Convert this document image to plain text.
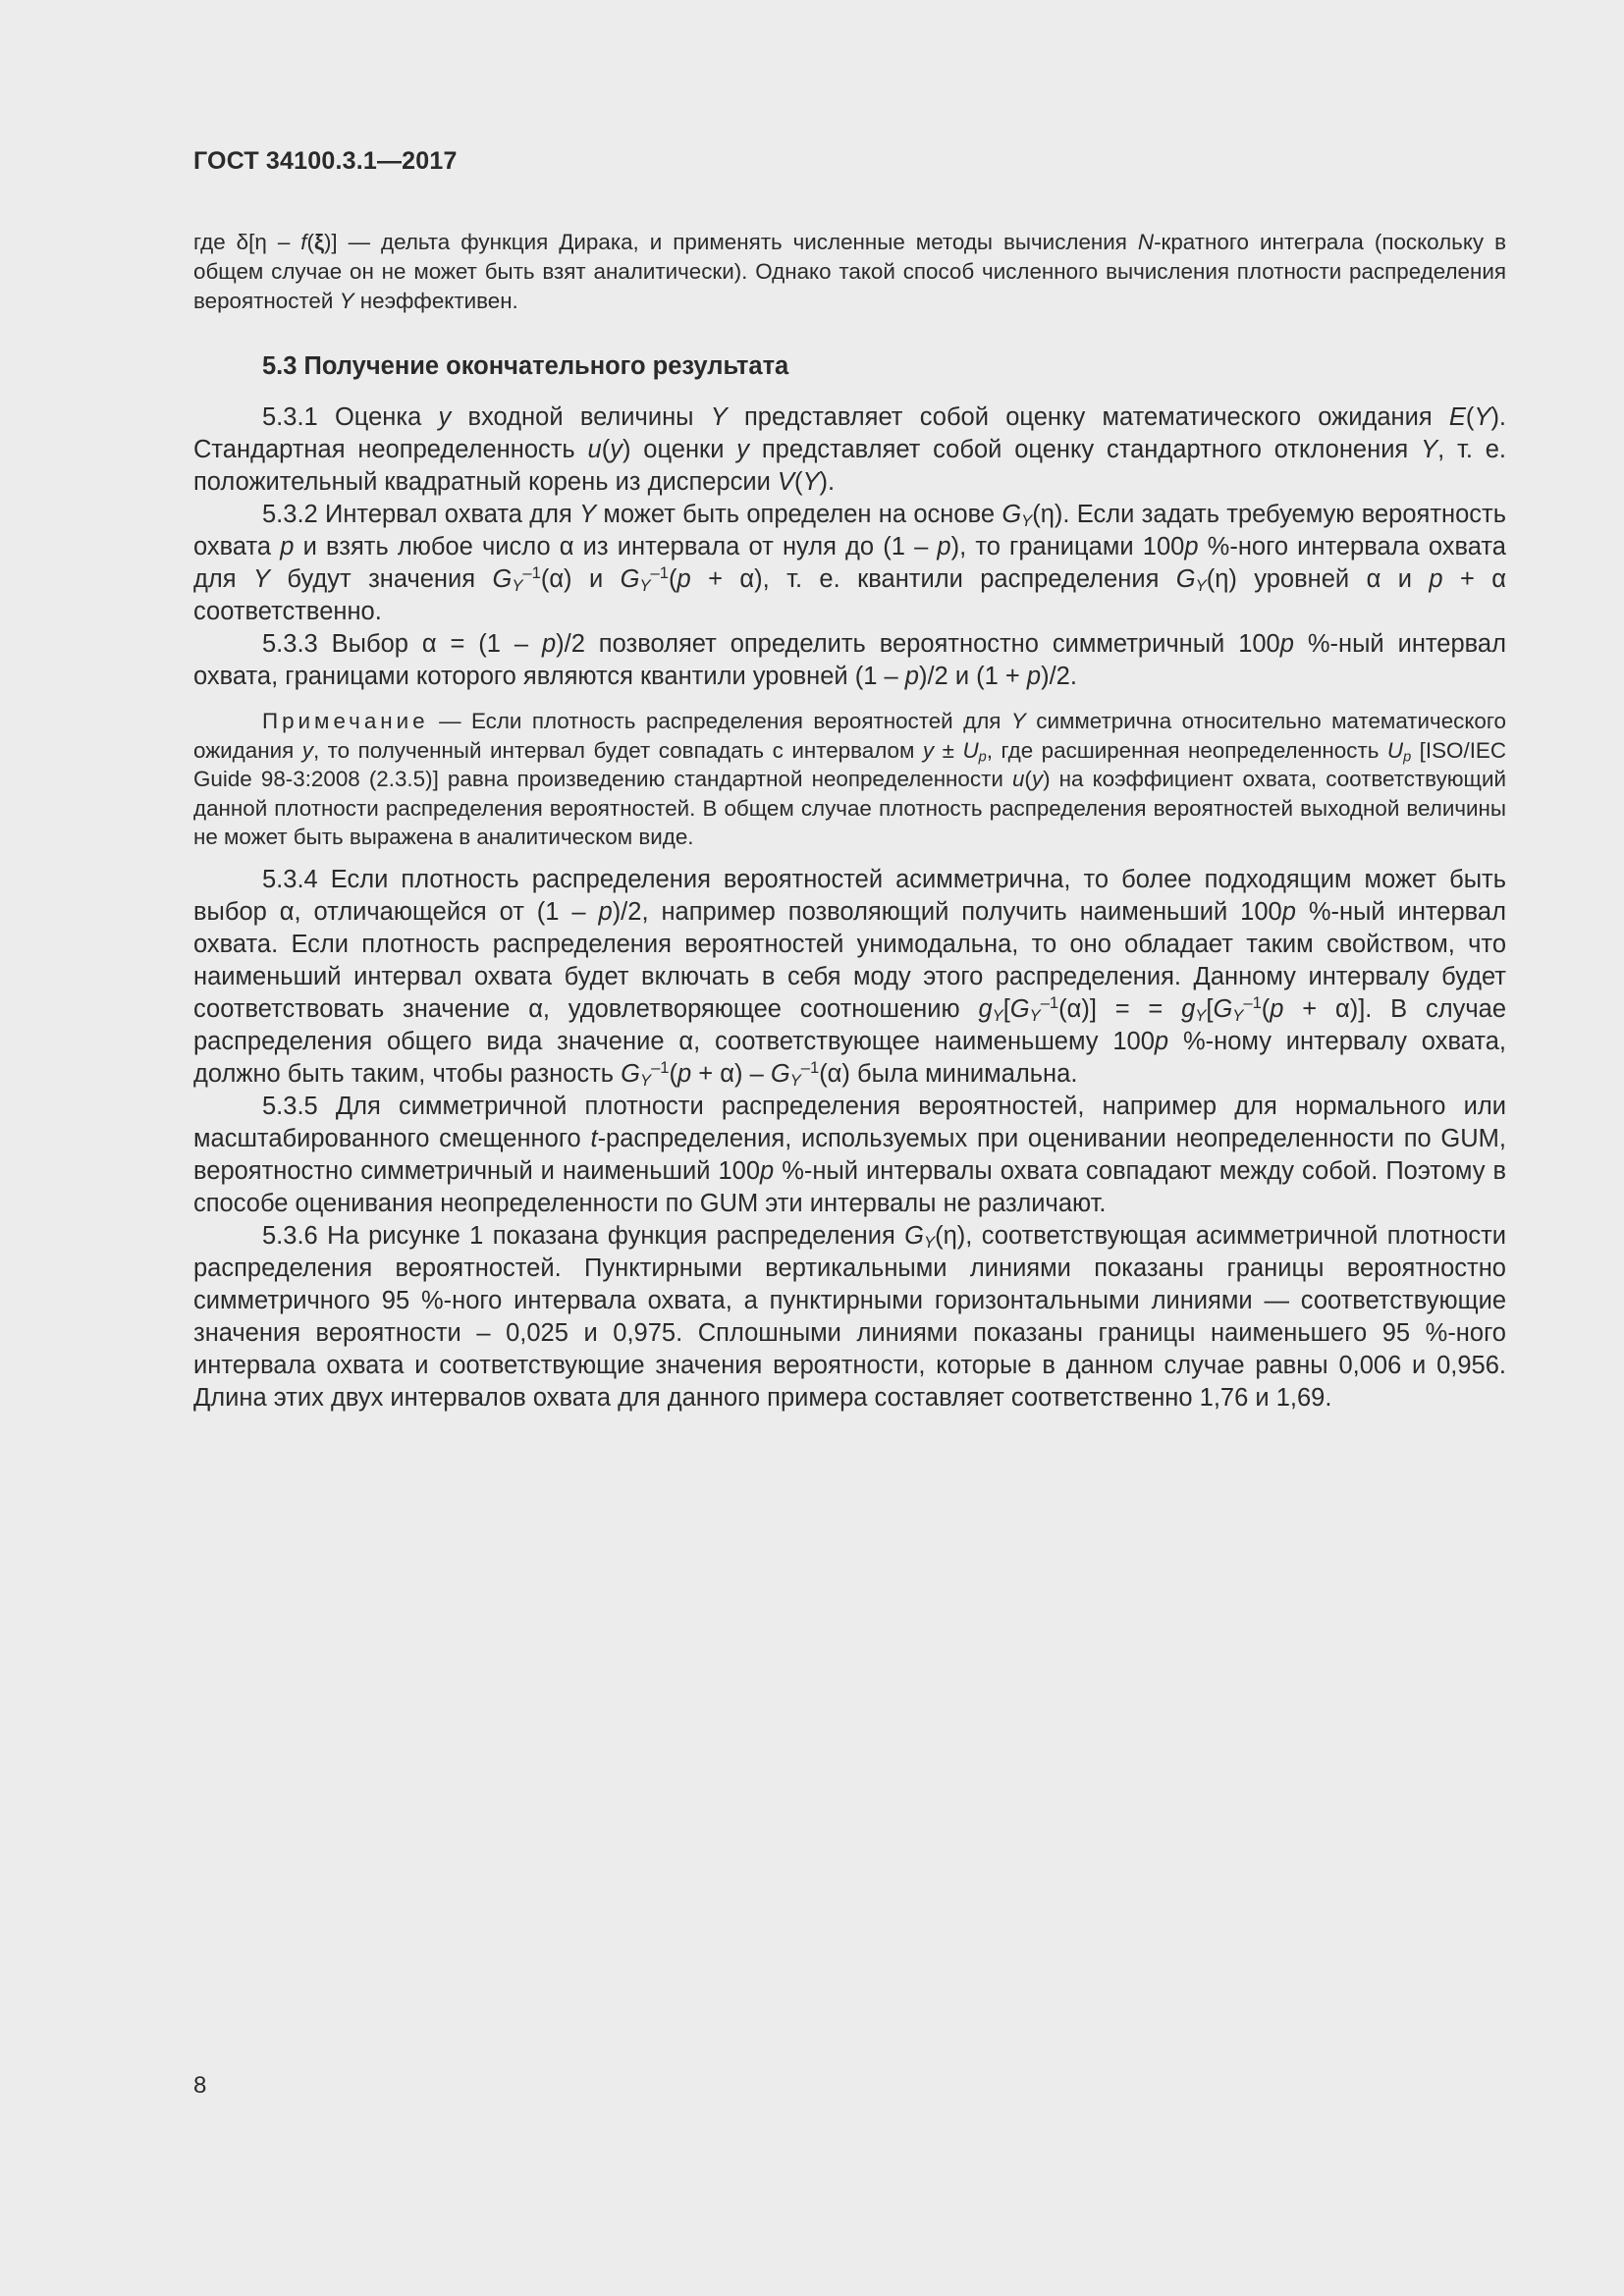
ГОСТ 34100.3.1—2017
где δ[η – f(ξ)] — дельта функция Дирака, и применять численные методы вычисления N-кратного интеграла (поскольку в общем случае он не может быть взят аналитически). Однако такой способ численного вычисления плотности распределения вероятностей Y неэффективен.
5.3 Получение окончательного результата

5.3.1 Оценка y входной величины Y представляет собой оценку математического ожидания E(Y). Стандартная неопределенность u(y) оценки y представляет собой оценку стандартного отклонения Y, т. е. положительный квадратный корень из дисперсии V(Y).

5.3.2 Интервал охвата для Y может быть определен на основе $G_Y(\eta)$. Если задать требуемую вероятность охвата p и взять любое число α из интервала от нуля до (1 – p), то границами 100p %-ного интервала охвата для Y будут значения $G_Y^{-1}(\alpha)$ и $G_Y^{-1}(p + \alpha)$, т. е. квантили распределения $G_Y(\eta)$ уровней α и p + α соответственно.

5.3.3 Выбор α = (1 – p)/2 позволяет определить вероятностно симметричный 100p %-ный интервал охвата, границами которого являются квантили уровней (1 – p)/2 и (1 + p)/2.

Примечание — Если плотность распределения вероятностей для Y симметрична относительно математического ожидания y, то полученный интервал будет совпадать с интервалом $y \pm U_p$, где расширенная неопределенность $U_p$ [ISO/IEC Guide 98-3:2008 (2.3.5)] равна произведению стандартной неопределенности u(y) на коэффициент охвата, соответствующий данной плотности распределения вероятностей. В общем случае плотность распределения вероятностей выходной величины не может быть выражена в аналитическом виде.

5.3.4 Если плотность распределения вероятностей асимметрична, то более подходящим может быть выбор α, отличающейся от (1 – p)/2, например позволяющий получить наименьший 100p %-ный интервал охвата. Если плотность распределения вероятностей унимодальна, то оно обладает таким свойством, что наименьший интервал охвата будет включать в себя моду этого распределения. Данному интервалу будет соответствовать значение α, удовлетворяющее соотношению $g_Y[G_Y^{-1}(\alpha)]$ = = $g_Y[G_Y^{-1}(p + \alpha)]$. В случае распределения общего вида значение α, соответствующее наименьшему 100p %-ному интервалу охвата, должно быть таким, чтобы разность $G_Y^{-1}(p + \alpha) - G_Y^{-1}(\alpha)$ была минимальна.

5.3.5 Для симметричной плотности распределения вероятностей, например для нормального или масштабированного смещенного t-распределения, используемых при оценивании неопределенности по GUM, вероятностно симметричный и наименьший 100p %-ный интервалы охвата совпадают между собой. Поэтому в способе оценивания неопределенности по GUM эти интервалы не различают.

5.3.6 На рисунке 1 показана функция распределения $G_Y(\eta)$, соответствующая асимметричной плотности распределения вероятностей. Пунктирными вертикальными линиями показаны границы вероятностно симметричного 95 %-ного интервала охвата, а пунктирными горизонтальными линиями — соответствующие значения вероятности – 0,025 и 0,975. Сплошными линиями показаны границы наименьшего 95 %-ного интервала охвата и соответствующие значения вероятности, которые в данном случае равны 0,006 и 0,956. Длина этих двух интервалов охвата для данного примера составляет соответственно 1,76 и 1,69.

8
